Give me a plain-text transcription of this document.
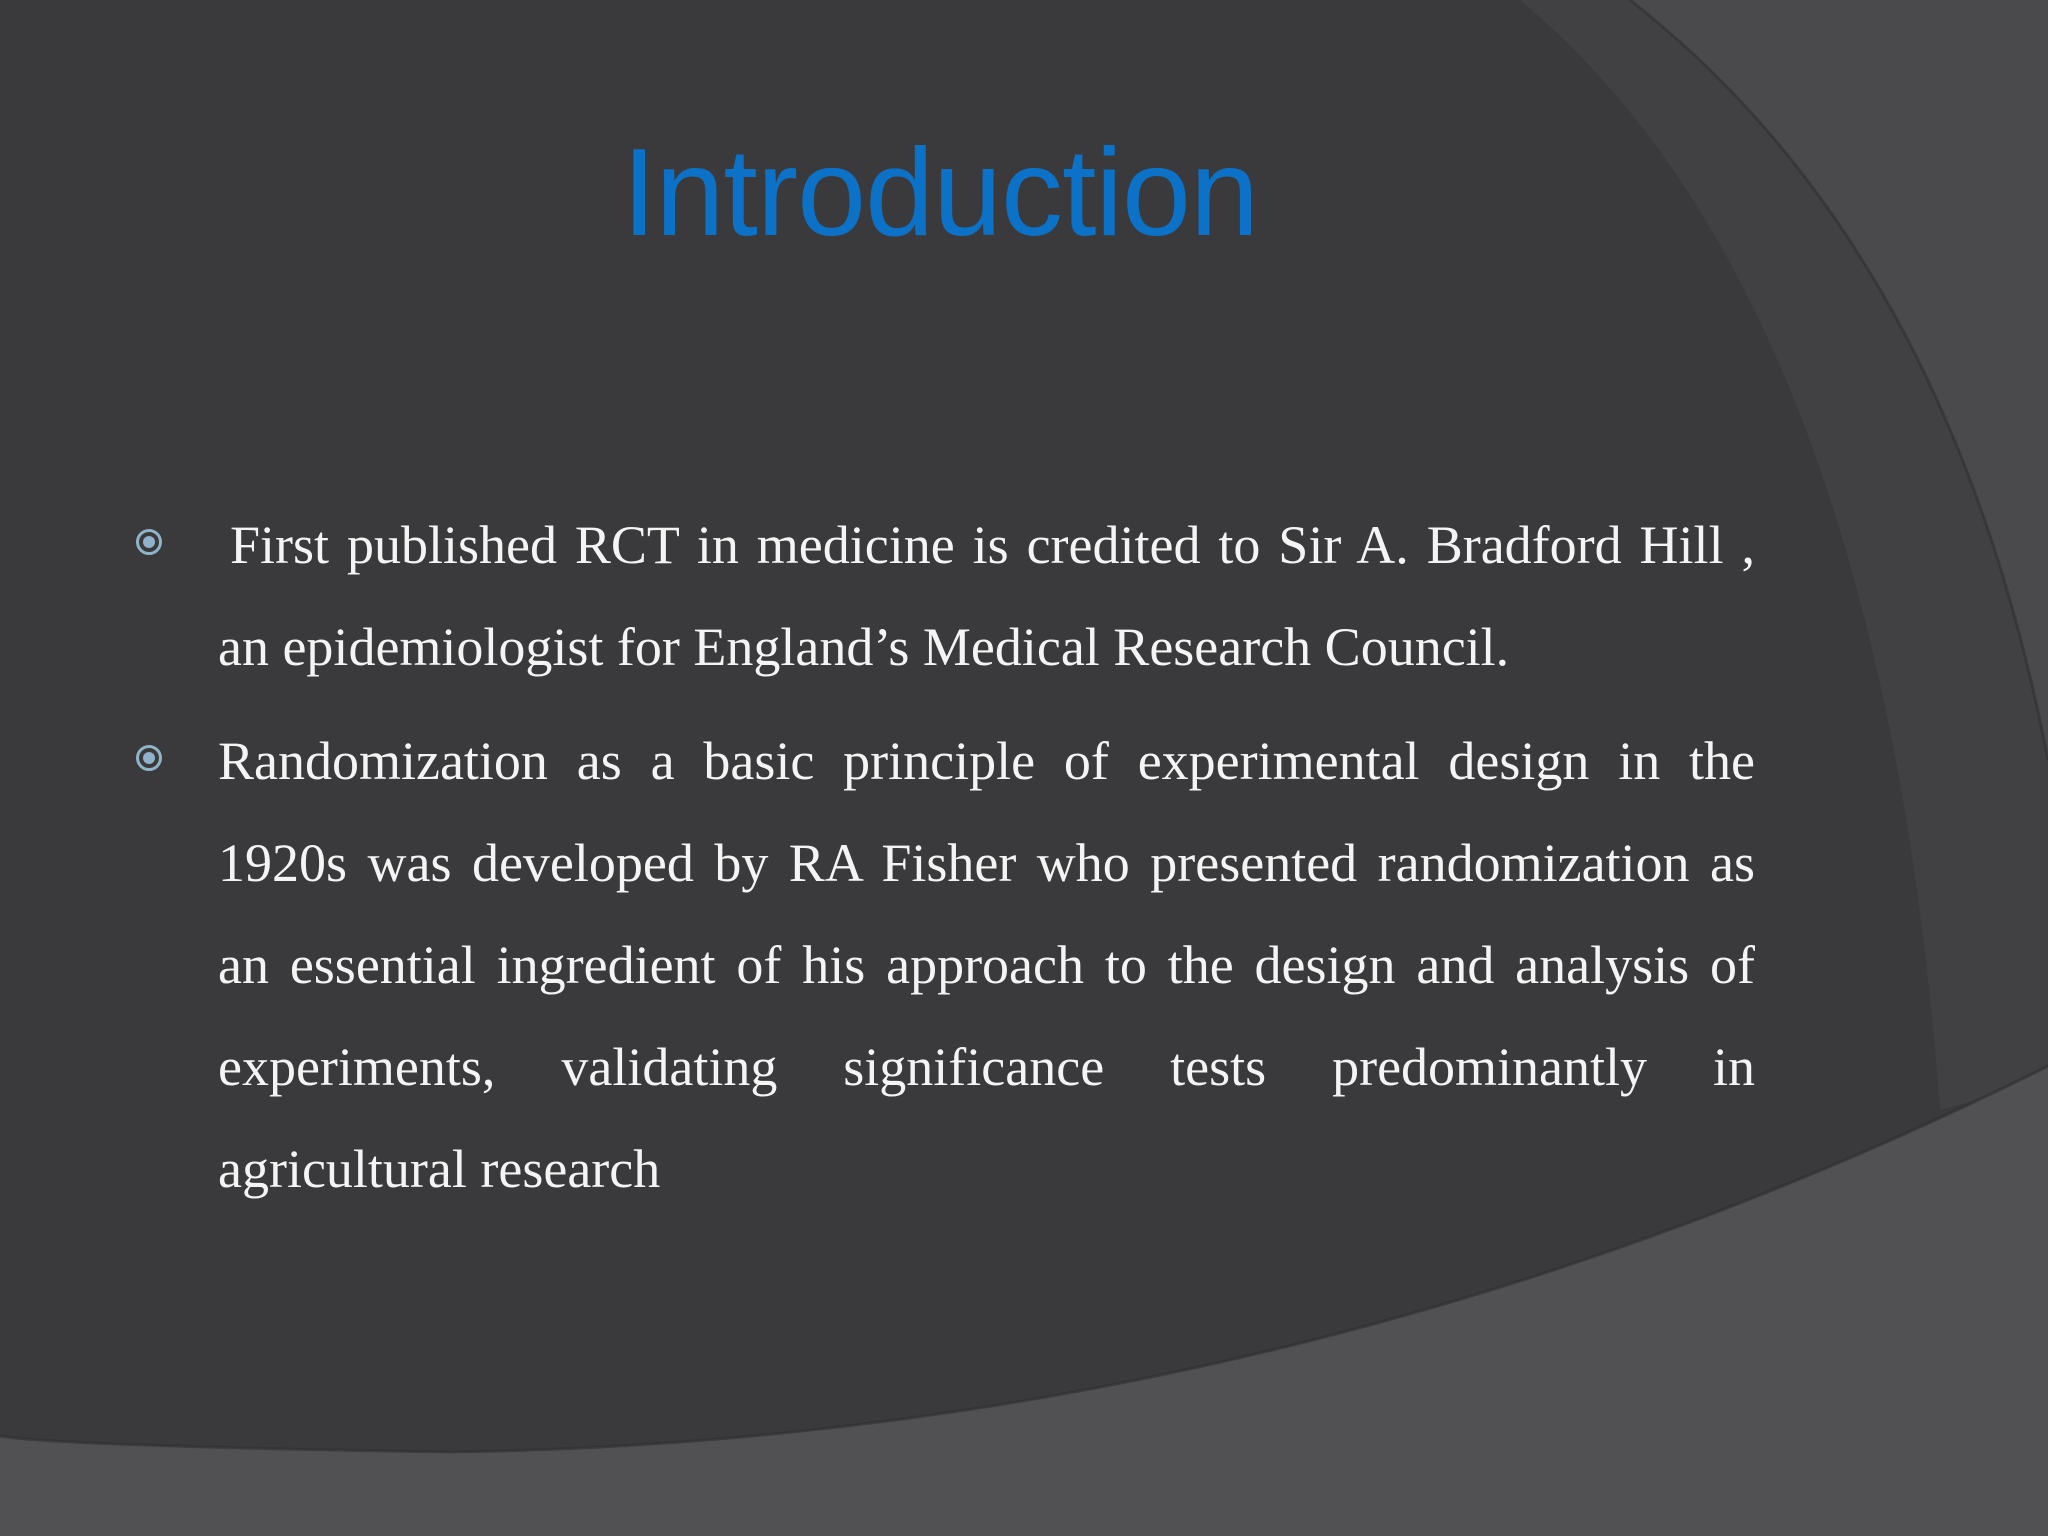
Introduction
First published RCT in medicine is credited to Sir A. Bradford Hill , an epidemiologist for England’s Medical Research Council.
Randomization as a basic principle of experimental design in the 1920s was developed by RA Fisher who presented randomization as an essential ingredient of his approach to the design and analysis of experiments, validating significance tests predominantly in agricultural research
